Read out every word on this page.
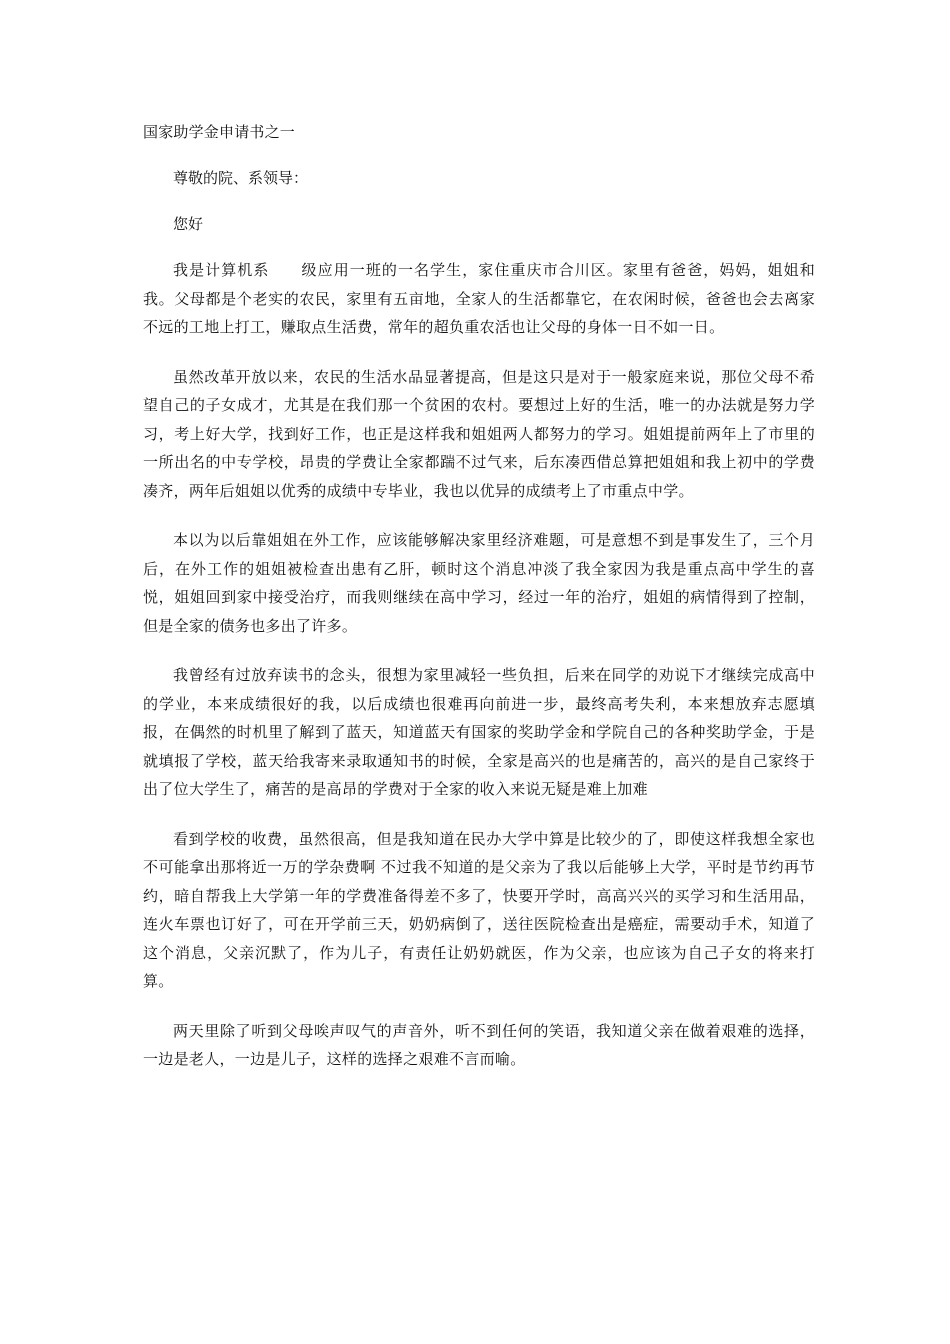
国家助学金申请书之一
尊敬的院、系领导：
您好

我是计算机系　　级应用一班的一名学生，家住重庆市合川区。家里有爸爸，妈妈，姐姐和我。父母都是个老实的农民，家里有五亩地，全家人的生活都靠它，在农闲时候，爸爸也会去离家不远的工地上打工，赚取点生活费，常年的超负重农活也让父母的身体一日不如一日。

虽然改革开放以来，农民的生活水品显著提高，但是这只是对于一般家庭来说，那位父母不希望自己的子女成才，尤其是在我们那一个贫困的农村。要想过上好的生活，唯一的办法就是努力学习，考上好大学，找到好工作，也正是这样我和姐姐两人都努力的学习。姐姐提前两年上了市里的一所出名的中专学校，昂贵的学费让全家都踹不过气来，后东凑西借总算把姐姐和我上初中的学费凑齐，两年后姐姐以优秀的成绩中专毕业，我也以优异的成绩考上了市重点中学。

本以为以后靠姐姐在外工作，应该能够解决家里经济难题，可是意想不到是事发生了，三个月后，在外工作的姐姐被检查出患有乙肝，顿时这个消息冲淡了我全家因为我是重点高中学生的喜悦，姐姐回到家中接受治疗，而我则继续在高中学习，经过一年的治疗，姐姐的病情得到了控制，但是全家的债务也多出了许多。

我曾经有过放弃读书的念头，很想为家里减轻一些负担，后来在同学的劝说下才继续完成高中的学业，本来成绩很好的我，以后成绩也很难再向前进一步，最终高考失利，本来想放弃志愿填报，在偶然的时机里了解到了蓝天，知道蓝天有国家的奖助学金和学院自己的各种奖助学金，于是就填报了学校，蓝天给我寄来录取通知书的时候，全家是高兴的也是痛苦的，高兴的是自己家终于出了位大学生了，痛苦的是高昂的学费对于全家的收入来说无疑是难上加难

看到学校的收费，虽然很高，但是我知道在民办大学中算是比较少的了，即使这样我想全家也不可能拿出那将近一万的学杂费啊 不过我不知道的是父亲为了我以后能够上大学，平时是节约再节约，暗自帮我上大学第一年的学费准备得差不多了，快要开学时，高高兴兴的买学习和生活用品，连火车票也订好了，可在开学前三天，奶奶病倒了，送往医院检查出是癌症，需要动手术，知道了这个消息，父亲沉默了，作为儿子，有责任让奶奶就医，作为父亲，也应该为自己子女的将来打算。

两天里除了听到父母唉声叹气的声音外，听不到任何的笑语，我知道父亲在做着艰难的选择，一边是老人，一边是儿子，这样的选择之艰难不言而喻。
